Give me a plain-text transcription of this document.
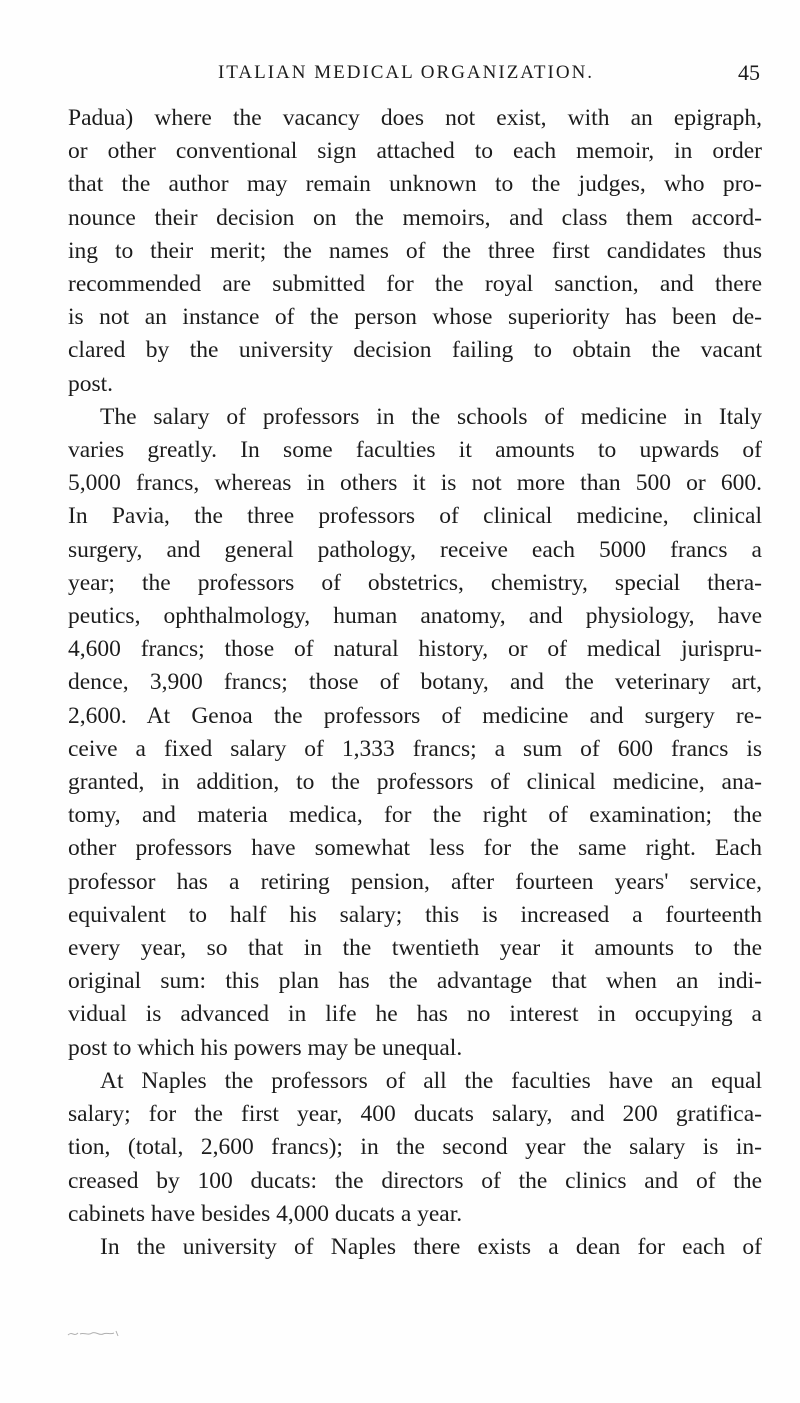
ITALIAN MEDICAL ORGANIZATION.	45

Padua) where the vacancy does not exist, with an epigraph,

or other conventional sign attached to each memoir, in order

that the author may remain unknown to the judges, who pro-

nounce their decision on the memoirs, and class them accord-

ing to their merit; the names of the three first candidates thus

recommended are submitted for the royal sanction, and there

is not an instance of the person whose superiority has been de-

clared by the university decision failing to obtain the vacant

post.

The salary of professors in the schools of medicine in Italy

varies greatly. In some faculties it amounts to upwards of

5,000 francs, whereas in others it is not more than 500 or 600.

In Pavia, the three professors of clinical medicine, clinical

surgery, and general pathology, receive each 5000 francs a

year; the professors of obstetrics, chemistry, special thera-

peutics, ophthalmology, human anatomy, and physiology, have

4,600 francs; those of natural history, or of medical jurispru-

dence, 3,900 francs; those of botany, and the veterinary art,

2,600. At Genoa the professors of medicine and surgery re-

ceive a fixed salary of 1,333 francs; a sum of 600 francs is

granted, in addition, to the professors of clinical medicine, ana-

tomy, and materia medica, for the right of examination; the

other professors have somewhat less for the same right. Each

professor has a retiring pension, after fourteen years' service,

equivalent to half his salary; this is increased a fourteenth

every year, so that in the twentieth year it amounts to the

original sum: this plan has the advantage that when an indi-

vidual is advanced in life he has no interest in occupying a

post to which his powers may be unequal.

At Naples the professors of all the faculties have an equal

salary; for the first year, 400 ducats salary, and 200 gratifica-

tion, (total, 2,600 francs); in the second year the salary is in-

creased by 100 ducats: the directors of the clinics and of the

cabinets have besides 4,000 ducats a year.

In the university of Naples there exists a dean for each of
